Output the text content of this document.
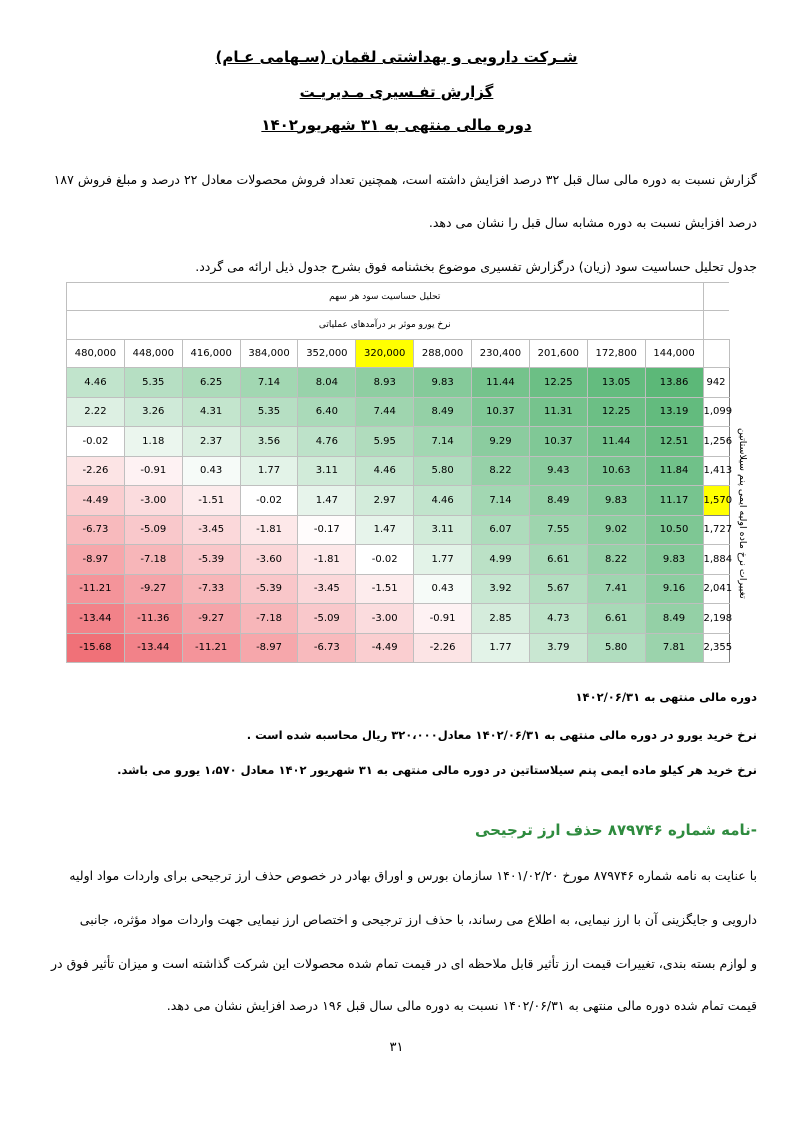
شـرکت دارویی و بهداشتی لقمان (سـهامی عـام)
گزارش تفـسیری مـدیریـت
دوره مالی منتهی به ۳۱ شهریور۱۴۰۲
گزارش نسبت به دوره مالی سال قبل ۳۲ درصد افزایش داشته است، همچنین تعداد فروش محصولات معادل ۲۲ درصد و مبلغ فروش ۱۸۷
درصد افزایش نسبت به دوره مشابه سال قبل را نشان می دهد.
جدول تحلیل حساسیت سود (زیان) درگزارش تفسیری موضوع بخشنامه فوق بشرح جدول ذیل ارائه می گردد.
تحلیل حساسیت سود هر سهم												
نرخ یورو موثر بر درآمدهای عملیاتی												
480,000	448,000	416,000	384,000	352,000	320,000	288,000	230,400	201,600	172,800	144,000		
4.46	5.35	6.25	7.14	8.04	8.93	9.83	11.44	12.25	13.05	13.86	942	تغییرات نرخ ماده اولیه ایمی پنم سیلاستاتین
2.22	3.26	4.31	5.35	6.40	7.44	8.49	10.37	11.31	12.25	13.19	1,099	
-0.02	1.18	2.37	3.56	4.76	5.95	7.14	9.29	10.37	11.44	12.51	1,256	
-2.26	-0.91	0.43	1.77	3.11	4.46	5.80	8.22	9.43	10.63	11.84	1,413	
-4.49	-3.00	-1.51	-0.02	1.47	2.97	4.46	7.14	8.49	9.83	11.17	1,570	
-6.73	-5.09	-3.45	-1.81	-0.17	1.47	3.11	6.07	7.55	9.02	10.50	1,727	
-8.97	-7.18	-5.39	-3.60	-1.81	-0.02	1.77	4.99	6.61	8.22	9.83	1,884	
-11.21	-9.27	-7.33	-5.39	-3.45	-1.51	0.43	3.92	5.67	7.41	9.16	2,041	
-13.44	-11.36	-9.27	-7.18	-5.09	-3.00	-0.91	2.85	4.73	6.61	8.49	2,198	
-15.68	-13.44	-11.21	-8.97	-6.73	-4.49	-2.26	1.77	3.79	5.80	7.81	2,355	
دوره مالی منتهی به ۱۴۰۲/۰۶/۳۱
نرخ خرید یورو در دوره مالی منتهی به ۱۴۰۲/۰۶/۳۱ معادل۳۲۰،۰۰۰ ریال محاسبه شده است .
نرخ خرید هر کیلو ماده ایمی پنم سیلاستاتین در دوره مالی منتهی به ۳۱ شهریور ۱۴۰۲ معادل ۱،۵۷۰ یورو می باشد.
-نامه شماره ۸۷۹۷۴۶ حذف ارز ترجیحی
با عنایت به نامه شماره ۸۷۹۷۴۶ مورخ ۱۴۰۱/۰۲/۲۰ سازمان بورس و اوراق بهادر در خصوص حذف ارز ترجیحی برای واردات مواد اولیه
دارویی و جایگزینی آن با ارز نیمایی، به اطلاع می رساند، با حذف ارز ترجیحی و اختصاص ارز نیمایی جهت واردات مواد مؤثره، جانبی
و لوازم بسته بندی، تغییرات قیمت ارز تأثیر قابل ملاحظه ای در قیمت تمام شده محصولات این شرکت گذاشته است و میزان تأثیر فوق در
قیمت تمام شده دوره مالی منتهی به ۱۴۰۲/۰۶/۳۱ نسبت به دوره مالی سال قبل ۱۹۶ درصد افزایش نشان می دهد.
۳۱
